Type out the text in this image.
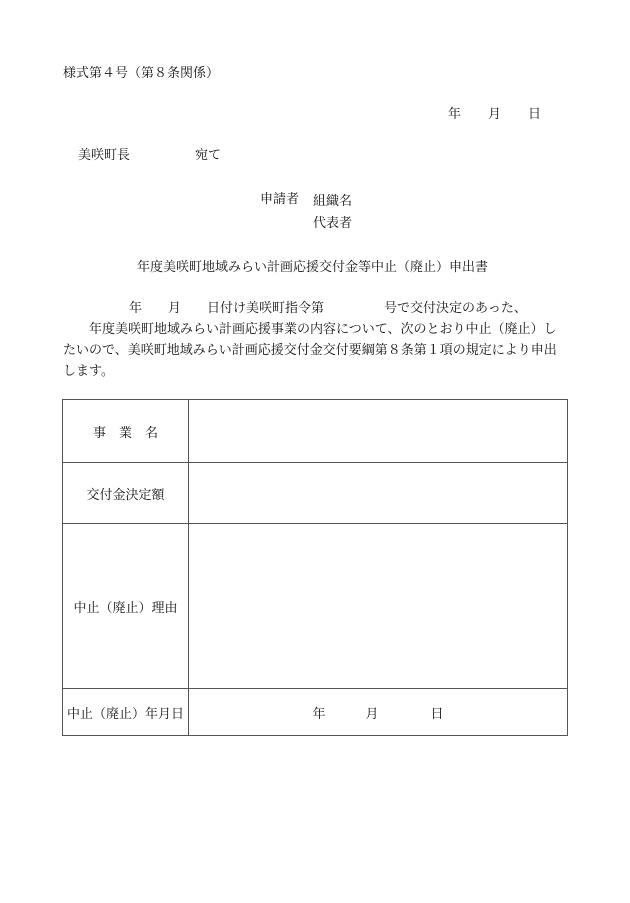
様式第４号（第８条関係）
年 月 日
美咲町長	宛て
申請者 組織名
代表者
年度美咲町地域みらい計画応援交付金等中止（廃止）申出書

年 月 日付け美咲町指令第	号で交付決定のあった、

年度美咲町地域みらい計画応援事業の内容について、次のとおり中止（廃止）し

たいので、美咲町地域みらい計画応援交付金交付要綱第８条第１項の規定により申出

します。

事　業　名	
交付金決定額	
中止（廃止）理由	
中止（廃止）年月日	年 月 日
